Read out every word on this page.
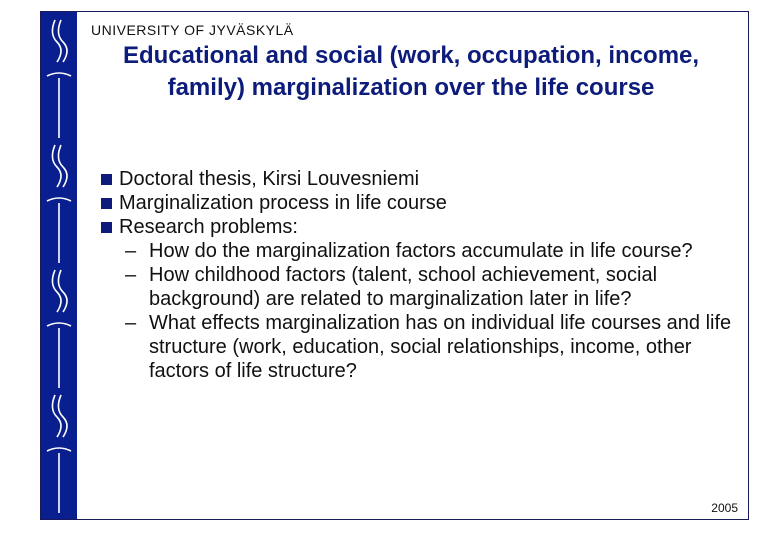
UNIVERSITY OF JYVÄSKYLÄ
Educational and social (work, occupation, income, family) marginalization over the life course

Doctoral thesis, Kirsi Louvesniemi

Marginalization process in life course

Research problems:

– How do the marginalization factors accumulate in life course?

– How childhood factors (talent, school achievement, social background) are related to marginalization later in life?

– What effects marginalization has on individual life courses and life structure (work, education, social relationships, income, other factors of life structure?

2005
